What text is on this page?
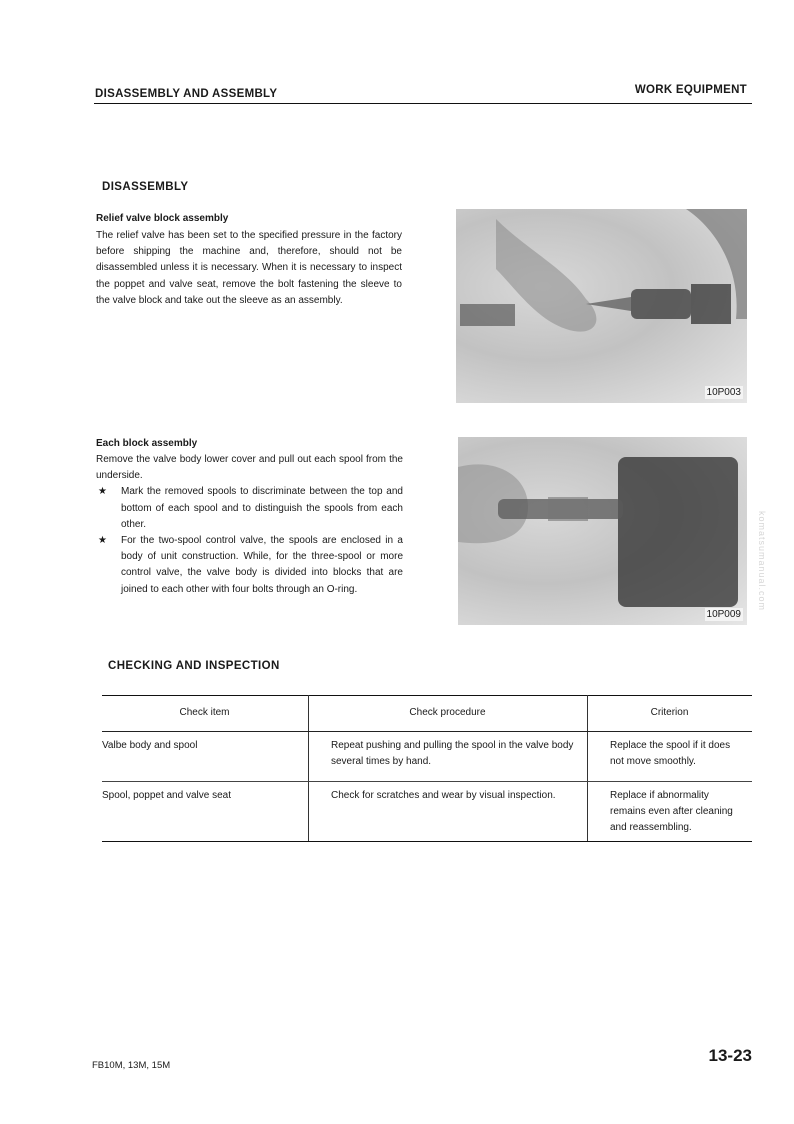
DISASSEMBLY AND ASSEMBLY	WORK EQUIPMENT
komatsumanual.com
DISASSEMBLY
Relief valve block assembly

The relief valve has been set to the specified pressure in the factory before shipping the machine and, therefore, should not be disassembled unless it is necessary. When it is necessary to inspect the poppet and valve seat, remove the bolt fastening the sleeve to the valve block and take out the sleeve as an assembly.

10P003
Each block assembly

Remove the valve body lower cover and pull out each spool from the underside.

★ Mark the removed spools to discriminate between the top and bottom of each spool and to distinguish the spools from each other.
★ For the two-spool control valve, the spools are enclosed in a body of unit construction. While, for the three-spool or more control valve, the valve body is divided into blocks that are joined to each other with four bolts through an O-ring.
10P009
CHECKING AND INSPECTION
Check item	Check procedure	Criterion
Valbe body and spool	Repeat pushing and pulling the spool in the valve body several times by hand.	Replace the spool if it does not move smoothly.
Spool, poppet and valve seat	Check for scratches and wear by visual inspection.	Replace if abnormality remains even after cleaning and reassembling.
FB10M, 13M, 15M
13-23
